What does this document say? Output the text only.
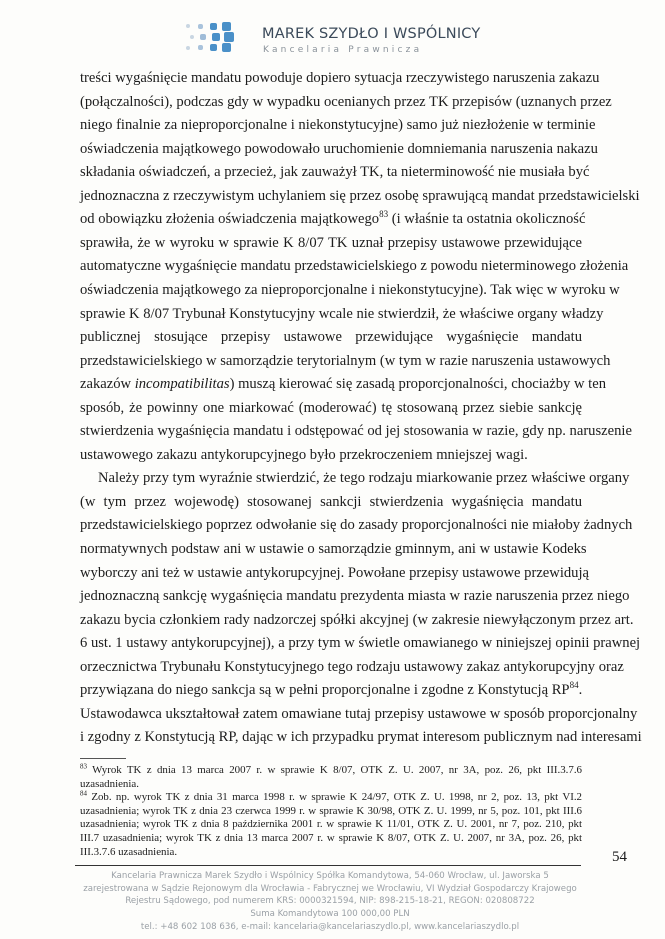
MAREK SZYDŁO I WSPÓLNICY
Kancelaria Prawnicza
treści wygaśnięcie mandatu powoduje dopiero sytuacja rzeczywistego naruszenia zakazu
(połączalności), podczas gdy w wypadku ocenianych przez TK przepisów (uznanych przez
niego finalnie za nieproporcjonalne i niekonstytucyjne) samo już niezłożenie w terminie
oświadczenia majątkowego powodowało uruchomienie domniemania naruszenia nakazu
składania oświadczeń, a przecież, jak zauważył TK, ta nieterminowość nie musiała być
jednoznaczna z rzeczywistym uchylaniem się przez osobę sprawującą mandat przedstawicielski
od obowiązku złożenia oświadczenia majątkowego$^{83}$ (i właśnie ta ostatnia okoliczność
sprawiła, że w wyroku w sprawie K 8/07 TK uznał przepisy ustawowe przewidujące
automatyczne wygaśnięcie mandatu przedstawicielskiego z powodu nieterminowego złożenia
oświadczenia majątkowego za nieproporcjonalne i niekonstytucyjne). Tak więc w wyroku w
sprawie K 8/07 Trybunał Konstytucyjny wcale nie stwierdził, że właściwe organy władzy
publicznej stosujące przepisy ustawowe przewidujące wygaśnięcie mandatu
przedstawicielskiego w samorządzie terytorialnym (w tym w razie naruszenia ustawowych
zakazów incompatibilitas) muszą kierować się zasadą proporcjonalności, chociażby w ten
sposób, że powinny one miarkować (moderować) tę stosowaną przez siebie sankcję
stwierdzenia wygaśnięcia mandatu i odstępować od jej stosowania w razie, gdy np. naruszenie
ustawowego zakazu antykorupcyjnego było przekroczeniem mniejszej wagi.
Należy przy tym wyraźnie stwierdzić, że tego rodzaju miarkowanie przez właściwe organy
(w tym przez wojewodę) stosowanej sankcji stwierdzenia wygaśnięcia mandatu
przedstawicielskiego poprzez odwołanie się do zasady proporcjonalności nie miałoby żadnych
normatywnych podstaw ani w ustawie o samorządzie gminnym, ani w ustawie Kodeks
wyborczy ani też w ustawie antykorupcyjnej. Powołane przepisy ustawowe przewidują
jednoznaczną sankcję wygaśnięcia mandatu prezydenta miasta w razie naruszenia przez niego
zakazu bycia członkiem rady nadzorczej spółki akcyjnej (w zakresie niewyłączonym przez art.
6 ust. 1 ustawy antykorupcyjnej), a przy tym w świetle omawianego w niniejszej opinii prawnej
orzecznictwa Trybunału Konstytucyjnego tego rodzaju ustawowy zakaz antykorupcyjny oraz
przywiązana do niego sankcja są w pełni proporcjonalne i zgodne z Konstytucją RP$^{84}$.
Ustawodawca ukształtował zatem omawiane tutaj przepisy ustawowe w sposób proporcjonalny
i zgodny z Konstytucją RP, dając w ich przypadku prymat interesom publicznym nad interesami
$^{83}$ Wyrok TK z dnia 13 marca 2007 r. w sprawie K 8/07, OTK Z. U. 2007, nr 3A, poz. 26, pkt III.3.7.6 uzasadnienia.
$^{84}$ Zob. np. wyrok TK z dnia 31 marca 1998 r. w sprawie K 24/97, OTK Z. U. 1998, nr 2, poz. 13, pkt VI.2 uzasadnienia; wyrok TK z dnia 23 czerwca 1999 r. w sprawie K 30/98, OTK Z. U. 1999, nr 5, poz. 101, pkt III.6 uzasadnienia; wyrok TK z dnia 8 października 2001 r. w sprawie K 11/01, OTK Z. U. 2001, nr 7, poz. 210, pkt III.7 uzasadnienia; wyrok TK z dnia 13 marca 2007 r. w sprawie K 8/07, OTK Z. U. 2007, nr 3A, poz. 26, pkt III.3.7.6 uzasadnienia.	54
Kancelaria Prawnicza Marek Szydło i Wspólnicy Spółka Komandytowa, 54-060 Wrocław, ul. Jaworska 5
zarejestrowana w Sądzie Rejonowym dla Wrocławia - Fabrycznej we Wrocławiu, VI Wydział Gospodarczy Krajowego
Rejestru Sądowego, pod numerem KRS: 0000321594, NIP: 898-215-18-21, REGON: 020808722
Suma Komandytowa 100 000,00 PLN
tel.: +48 602 108 636, e-mail: kancelaria@kancelariaszydlo.pl, www.kancelariaszydlo.pl
